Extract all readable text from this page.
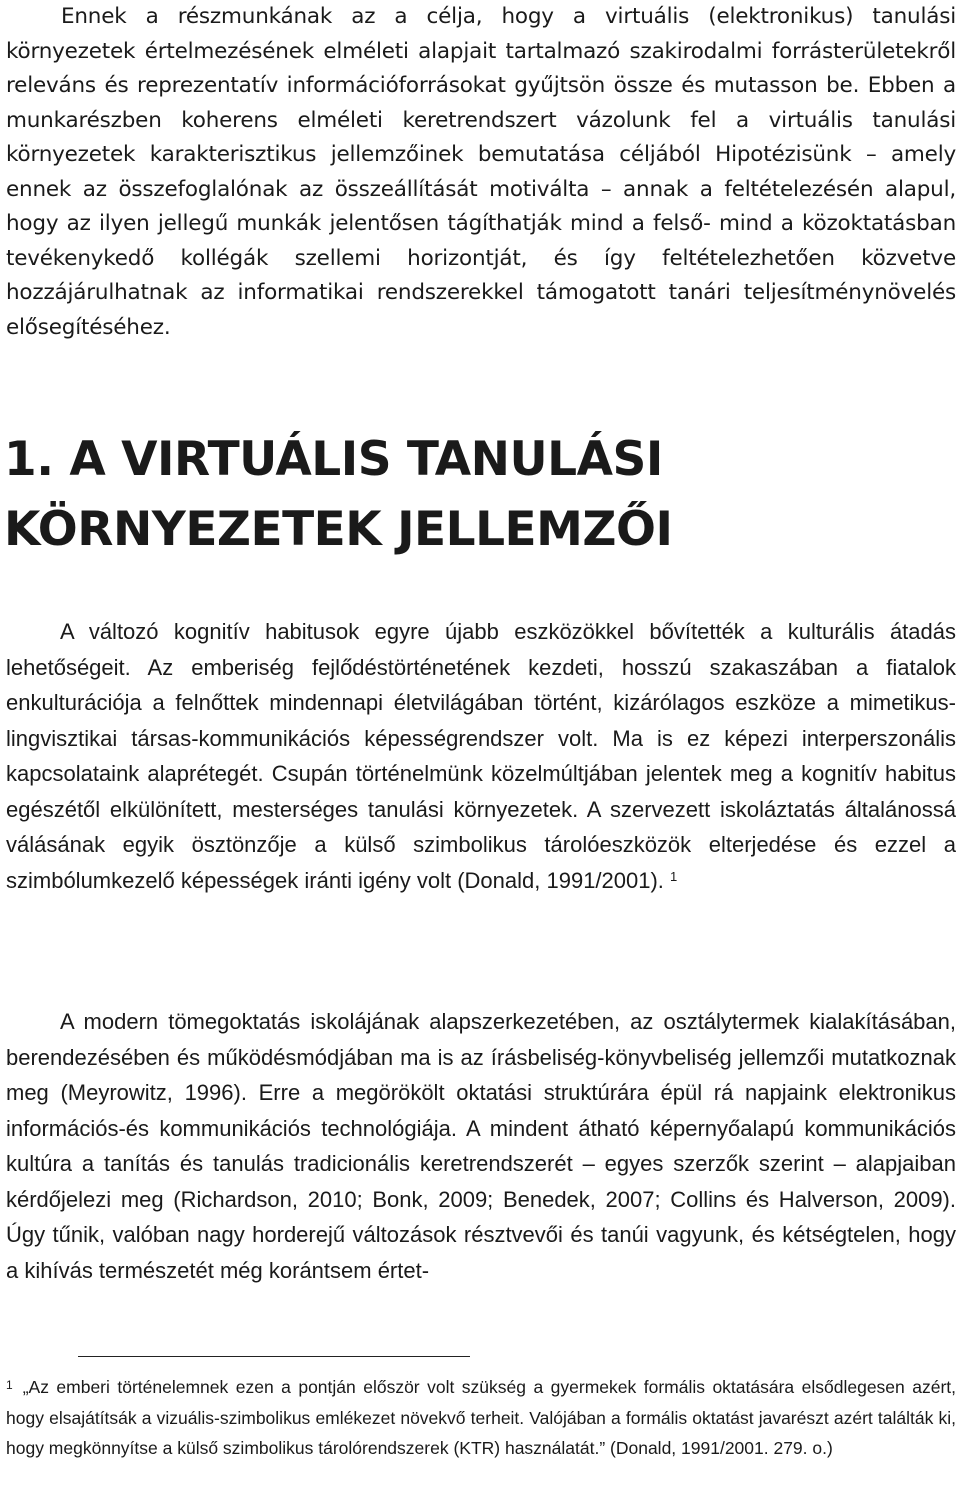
Ennek a részmunkának az a célja, hogy a virtuális (elektronikus) tanulási környezetek értelmezésének elméleti alapjait tartalmazó szakirodalmi forrásterületekről releváns és reprezentatív információforrásokat gyűjtsön össze és mutasson be. Ebben a munkarészben koherens elméleti keretrendszert vázolunk fel a virtuális tanulási környezetek karakterisztikus jellemzőinek bemutatása céljából Hipotézisünk – amely ennek az összefoglalónak az összeállítását motiválta – annak a feltételezésén alapul, hogy az ilyen jellegű munkák jelentősen tágíthatják mind a felső- mind a közoktatásban tevékenykedő kollégák szellemi horizontját, és így feltételezhetően közvetve hozzájárulhatnak az informatikai rendszerekkel támogatott tanári teljesítménynövelés elősegítéséhez.

1. A VIRTUÁLIS TANULÁSI
KÖRNYEZETEK JELLEMZŐI

A változó kognitív habitusok egyre újabb eszközökkel bővítették a kulturális átadás lehetőségeit. Az emberiség fejlődéstörténetének kezdeti, hosszú szakaszában a fiatalok enkulturációja a felnőttek mindennapi életvilágában történt, kizárólagos eszköze a mimetikus-lingvisztikai társas-kommunikációs képességrendszer volt. Ma is ez képezi interperszonális kapcsolataink alaprétegét. Csupán történelmünk közelmúltjában jelentek meg a kognitív habitus egészétől elkülönített, mesterséges tanulási környezetek. A szervezett iskoláztatás általánossá válásának egyik ösztönzője a külső szimbolikus tárolóeszközök elterjedése és ezzel a szimbólumkezelő képességek iránti igény volt (Donald, 1991/2001). $^1$

A modern tömegoktatás iskolájának alapszerkezetében, az osztálytermek kialakításában, berendezésében és működésmódjában ma is az írásbeliség-könyvbeliség jellemzői mutatkoznak meg (Meyrowitz, 1996). Erre a megörökölt oktatási struktúrára épül rá napjaink elektronikus információs-és kommunikációs technológiája. A mindent átható képernyőalapú kommunikációs kultúra a tanítás és tanulás tradicionális keretrendszerét – egyes szerzők szerint – alapjaiban kérdőjelezi meg (Richardson, 2010; Bonk, 2009; Benedek, 2007; Collins és Halverson, 2009). Úgy tűnik, valóban nagy horderejű változások résztvevői és tanúi vagyunk, és kétségtelen, hogy a kihívás természetét még korántsem értet-

$^1$ „Az emberi történelemnek ezen a pontján először volt szükség a gyermekek formális oktatására elsődlegesen azért, hogy elsajátítsák a vizuális-szimbolikus emlékezet növekvő terheit. Valójában a formális oktatást javarészt azért találták ki, hogy megkönnyítse a külső szimbolikus tárolórendszerek (KTR) használatát.” (Donald, 1991/2001. 279. o.)
